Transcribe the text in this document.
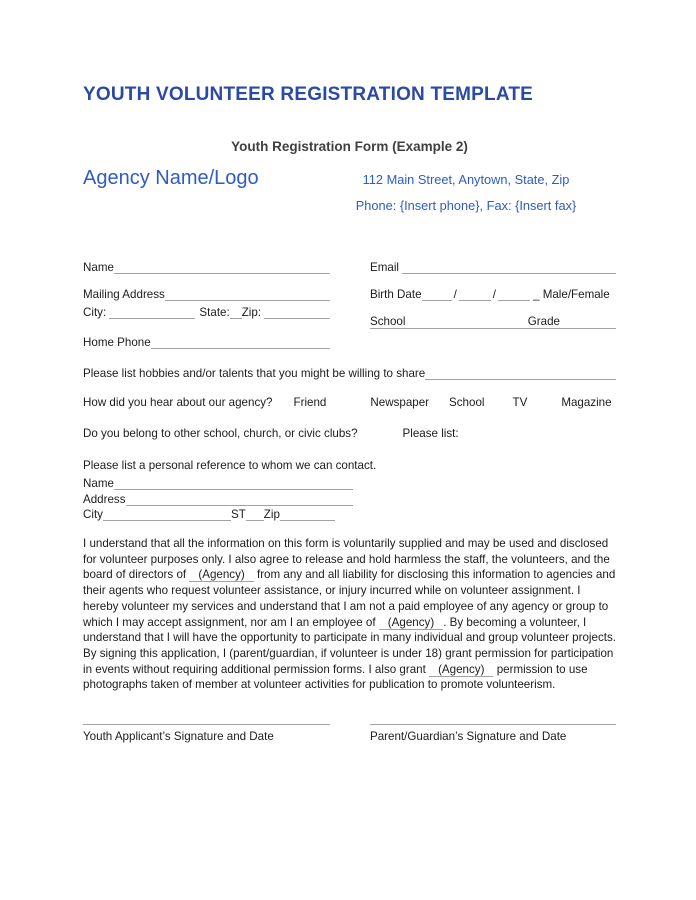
YOUTH VOLUNTEER REGISTRATION TEMPLATE
Youth Registration Form (Example 2)
Agency Name/Logo	112 Main Street, Anytown, State, Zip
Phone: {Insert phone}, Fax: {Insert fax}
Name
Mailing Address
City:	State: Zip:
Home Phone
Email
Birth Date	/	/	_ Male/Female
School	Grade
Please list hobbies and/or talents that you might be willing to share
How did you hear about our agency? Friend	Newspaper School TV	Magazine
Do you belong to other school, church, or civic clubs?	Please list:
Please list a personal reference to whom we can contact.
Name
Address
City	ST Zip
I understand that all the information on this form is voluntarily supplied and may be used and disclosed for volunteer purposes only. I also agree to release and hold harmless the staff, the volunteers, and the board of directors of (Agency) from any and all liability for disclosing this information to agencies and their agents who request volunteer assistance, or injury incurred while on volunteer assignment. I hereby volunteer my services and understand that I am not a paid employee of any agency or group to which I may accept assignment, nor am I an employee of (Agency) . By becoming a volunteer, I understand that I will have the opportunity to participate in many individual and group volunteer projects. By signing this application, I (parent/guardian, if volunteer is under 18) grant permission for participation in events without requiring additional permission forms. I also grant (Agency) permission to use photographs taken of member at volunteer activities for publication to promote volunteerism.
Youth Applicant’s Signature and Date	Parent/Guardian’s Signature and Date
